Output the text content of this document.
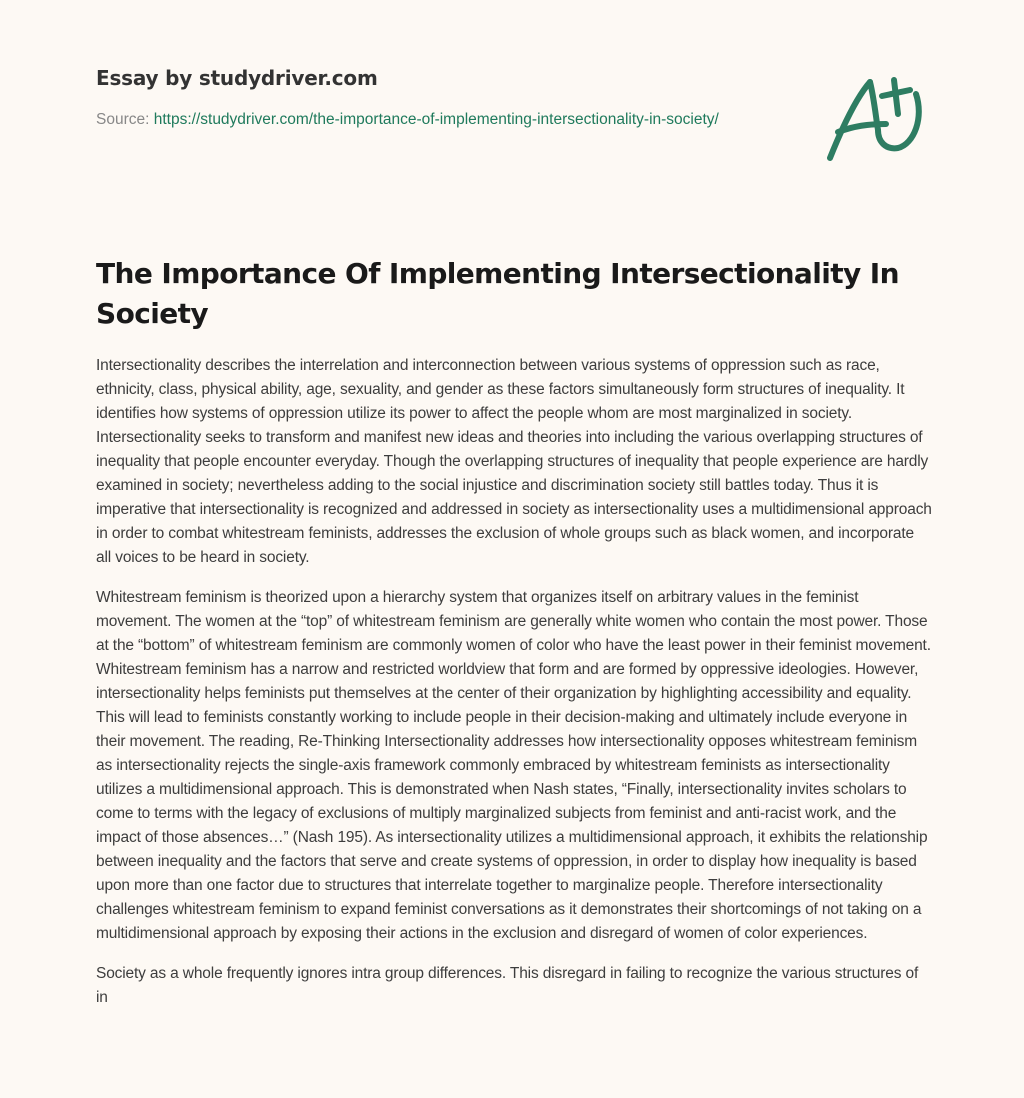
Essay by studydriver.com
Source: https://studydriver.com/the-importance-of-implementing-intersectionality-in-society/
The Importance Of Implementing Intersectionality In Society

Intersectionality describes the interrelation and interconnection between various systems of oppression such as race, ethnicity, class, physical ability, age, sexuality, and gender as these factors simultaneously form structures of inequality. It identifies how systems of oppression utilize its power to affect the people whom are most marginalized in society. Intersectionality seeks to transform and manifest new ideas and theories into including the various overlapping structures of inequality that people encounter everyday. Though the overlapping structures of inequality that people experience are hardly examined in society; nevertheless adding to the social injustice and discrimination society still battles today. Thus it is imperative that intersectionality is recognized and addressed in society as intersectionality uses a multidimensional approach in order to combat whitestream feminists, addresses the exclusion of whole groups such as black women, and incorporate all voices to be heard in society.

Whitestream feminism is theorized upon a hierarchy system that organizes itself on arbitrary values in the feminist movement. The women at the “top” of whitestream feminism are generally white women who contain the most power. Those at the “bottom” of whitestream feminism are commonly women of color who have the least power in their feminist movement. Whitestream feminism has a narrow and restricted worldview that form and are formed by oppressive ideologies. However, intersectionality helps feminists put themselves at the center of their organization by highlighting accessibility and equality. This will lead to feminists constantly working to include people in their decision-making and ultimately include everyone in their movement. The reading, Re-Thinking Intersectionality addresses how intersectionality opposes whitestream feminism as intersectionality rejects the single-axis framework commonly embraced by whitestream feminists as intersectionality utilizes a multidimensional approach. This is demonstrated when Nash states, “Finally, intersectionality invites scholars to come to terms with the legacy of exclusions of multiply marginalized subjects from feminist and anti-racist work, and the impact of those absences…” (Nash 195). As intersectionality utilizes a multidimensional approach, it exhibits the relationship between inequality and the factors that serve and create systems of oppression, in order to display how inequality is based upon more than one factor due to structures that interrelate together to marginalize people. Therefore intersectionality challenges whitestream feminism to expand feminist conversations as it demonstrates their shortcomings of not taking on a multidimensional approach by exposing their actions in the exclusion and disregard of women of color experiences.

Society as a whole frequently ignores intra group differences. This disregard in failing to recognize the various structures of in
